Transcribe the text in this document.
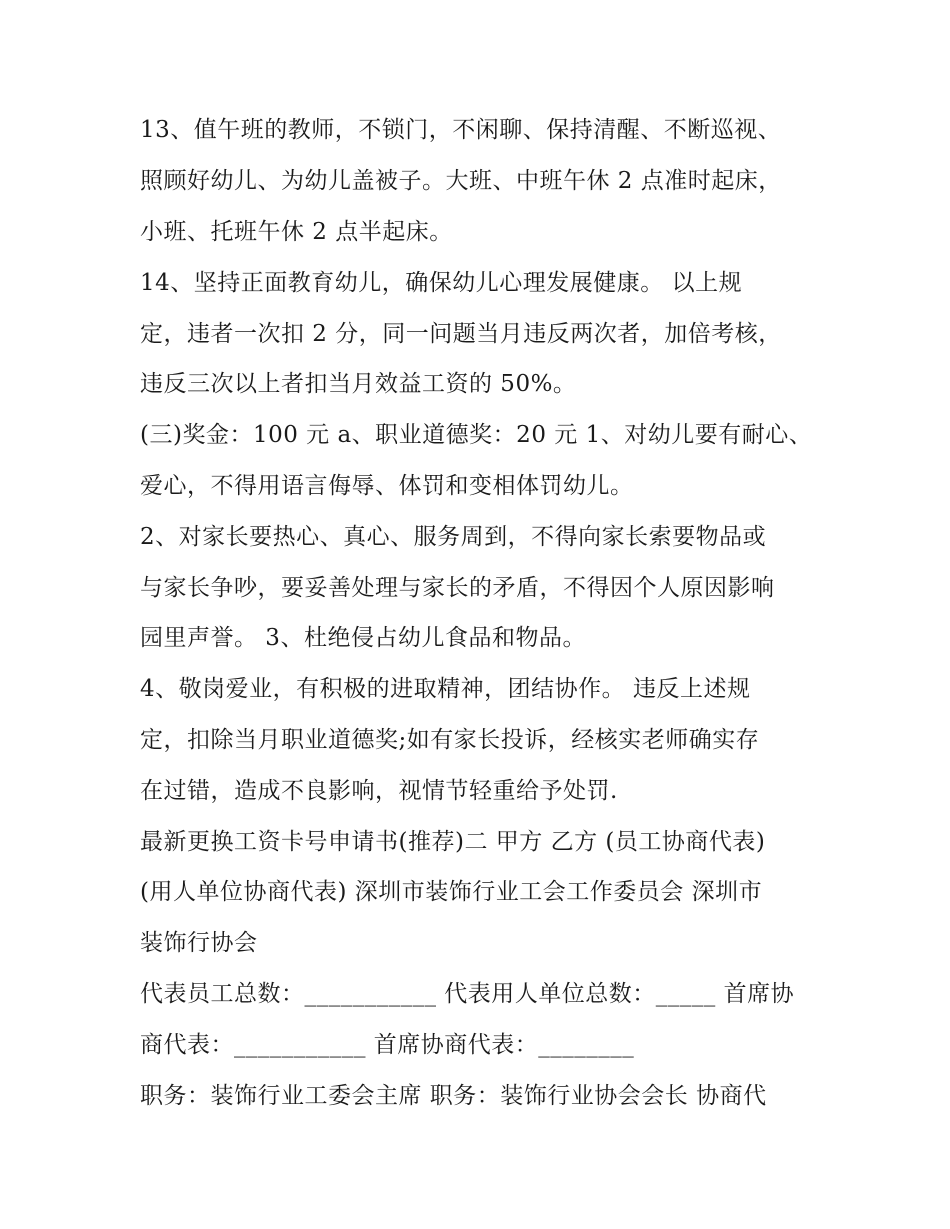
13、值午班的教师，不锁门，不闲聊、保持清醒、不断巡视、
照顾好幼儿、为幼儿盖被子。大班、中班午休 2 点准时起床，
小班、托班午休 2 点半起床。
14、坚持正面教育幼儿，确保幼儿心理发展健康。 以上规
定，违者一次扣 2 分，同一问题当月违反两次者，加倍考核，
违反三次以上者扣当月效益工资的 50%。
(三)奖金：100 元 a、职业道德奖：20 元 1、对幼儿要有耐心、
爱心，不得用语言侮辱、体罚和变相体罚幼儿。
2、对家长要热心、真心、服务周到，不得向家长索要物品或
与家长争吵，要妥善处理与家长的矛盾，不得因个人原因影响
园里声誉。 3、杜绝侵占幼儿食品和物品。
4、敬岗爱业，有积极的进取精神，团结协作。 违反上述规
定，扣除当月职业道德奖;如有家长投诉，经核实老师确实存
在过错，造成不良影响，视情节轻重给予处罚.
最新更换工资卡号申请书(推荐)二 甲方 乙方 (员工协商代表)
(用人单位协商代表) 深圳市装饰行业工会工作委员会 深圳市
装饰行协会
代表员工总数：___________ 代表用人单位总数：_____ 首席协
商代表：___________ 首席协商代表：________
职务：装饰行业工委会主席 职务：装饰行业协会会长 协商代
